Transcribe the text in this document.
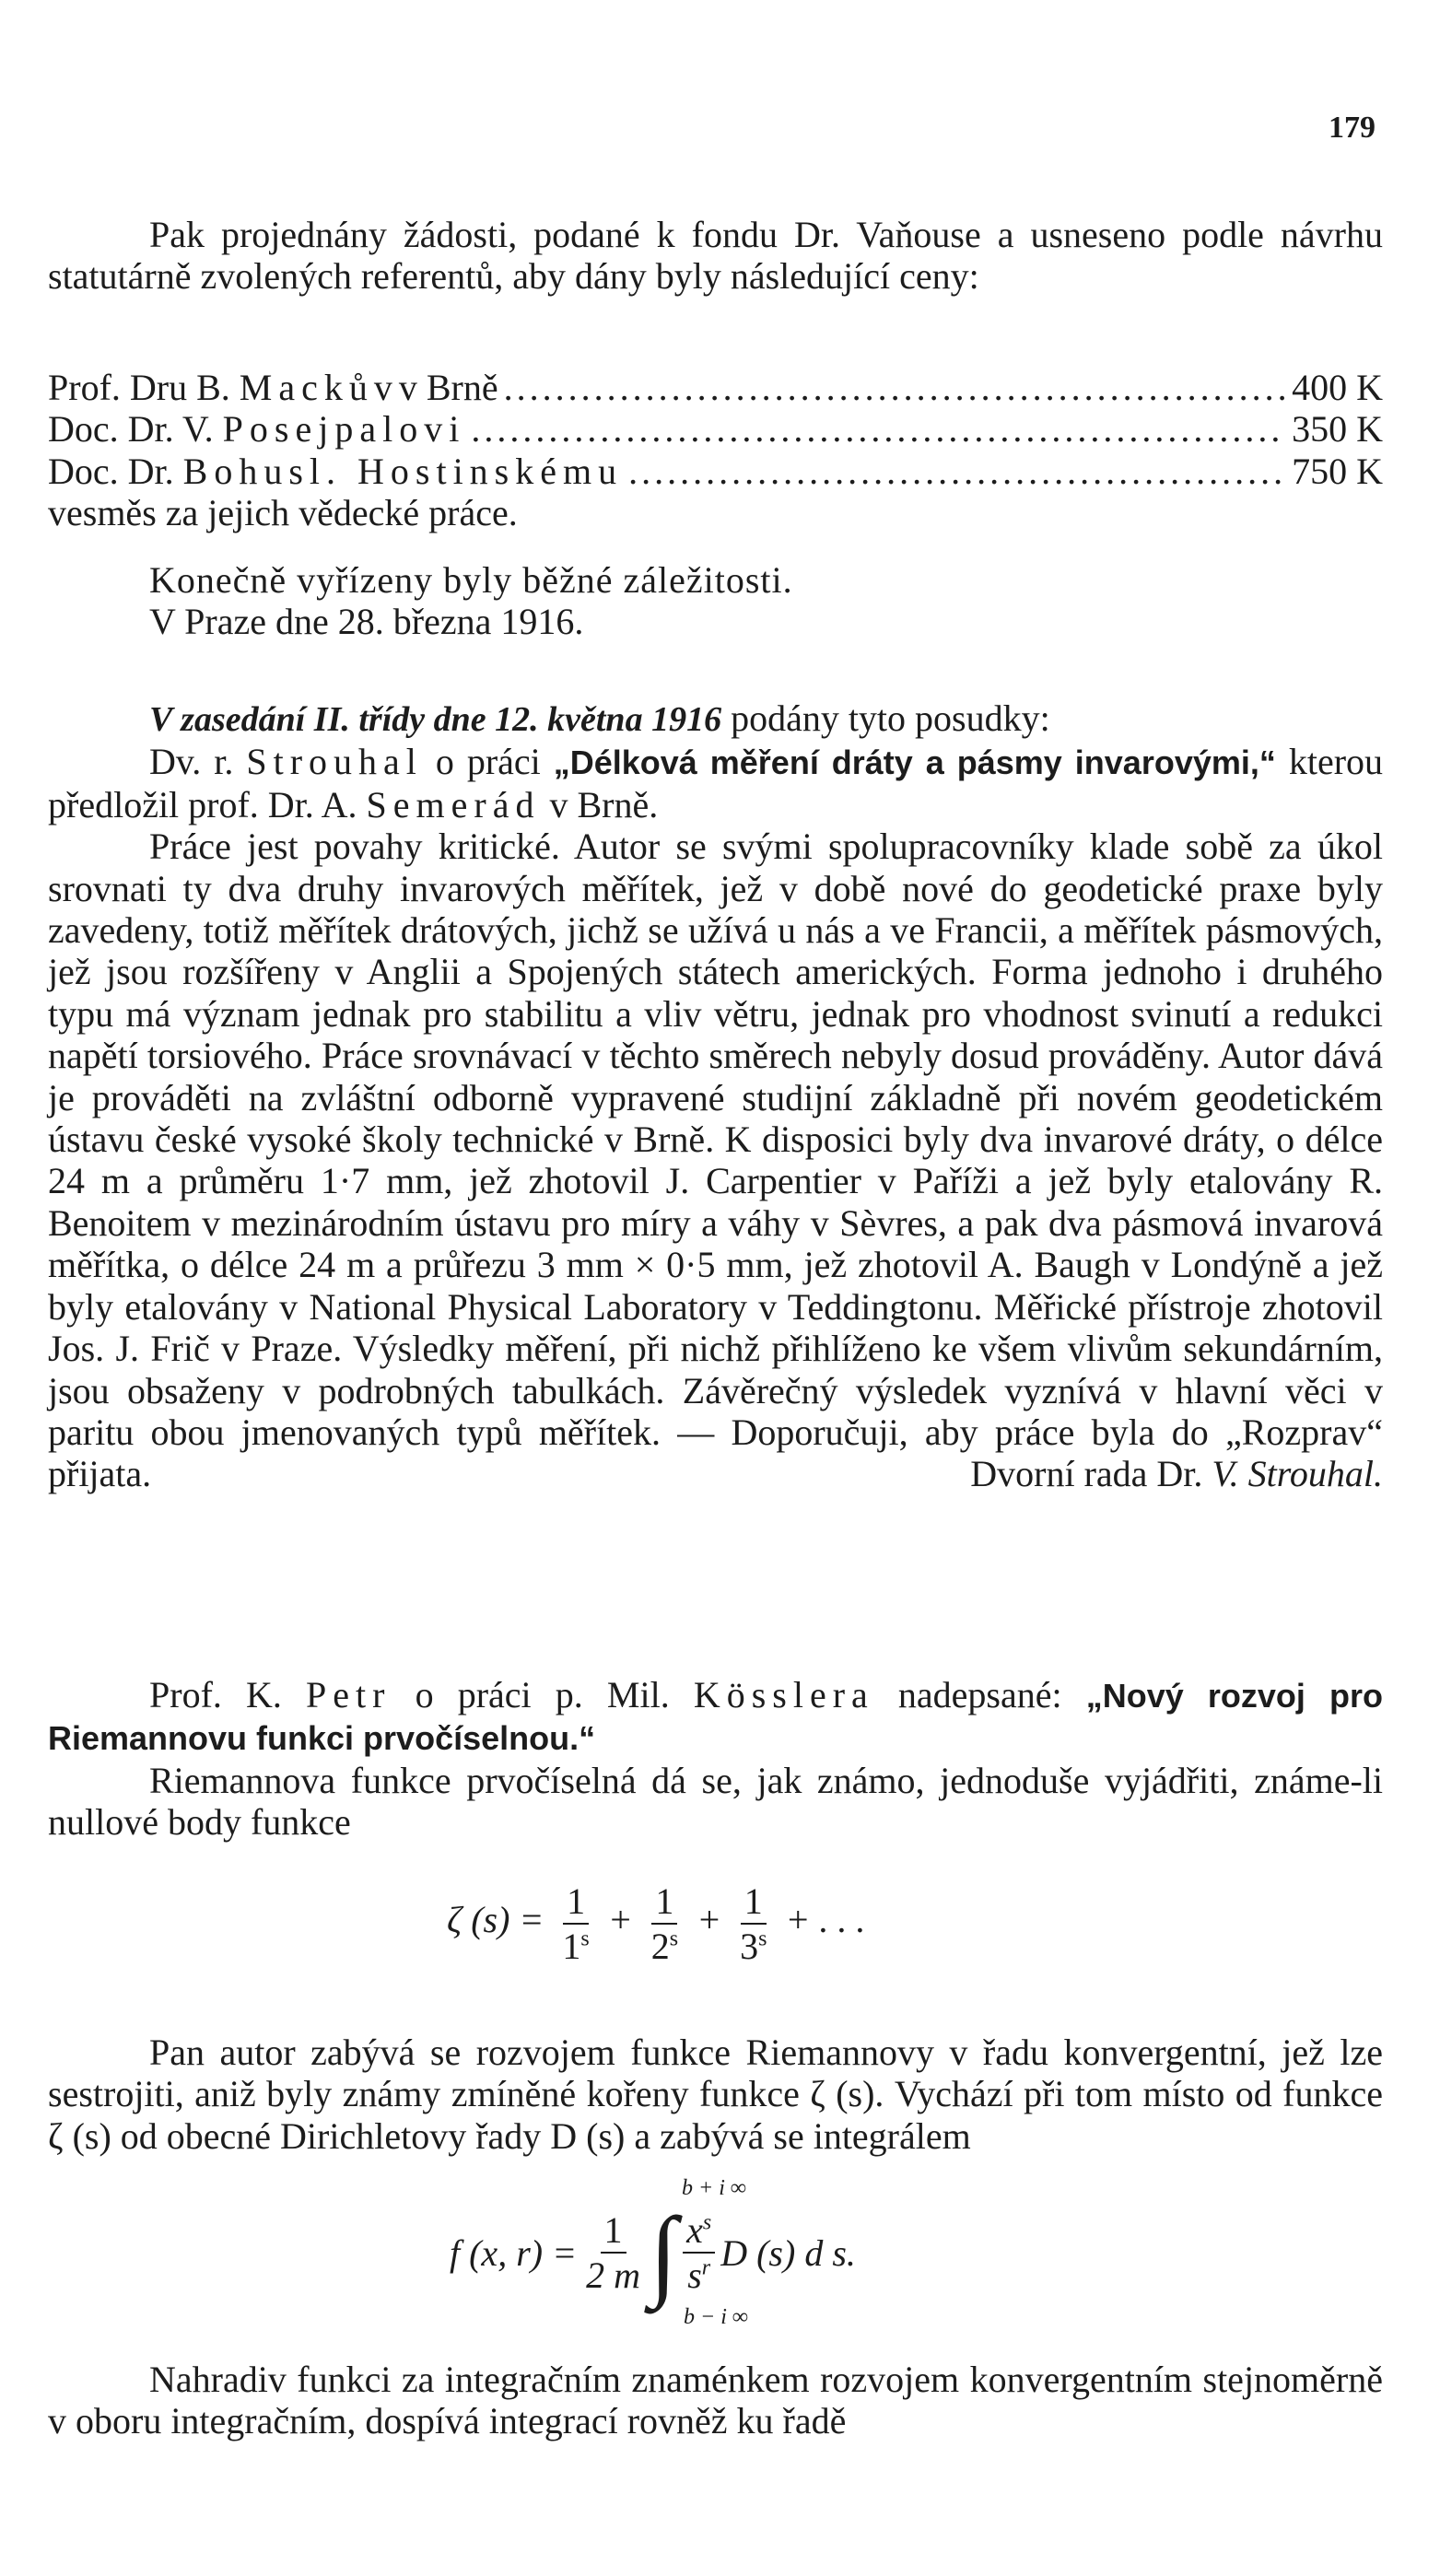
179

Pak projednány žádosti, podané k fondu Dr. Vaňouse a usneseno podle návrhu statutárně zvolených referentů, aby dány byly následující ceny:

Prof. Dru B.
Mackův v Brně .....	400 K
Doc. Dr. V.
Posejpalovi .....	350 K
Doc. Dr.
Bohusl. Hostinskému .....	750 K

vesměs za jejich vědecké práce.

Konečně vyřízeny byly běžné záležitosti.

V Praze dne 28. března 1916.

V zasedání II. třídy dne 12. května 1916 podány tyto posudky:

Dv. r. Strouhal o práci „Délková měření dráty a pásmy invarovými,“ kterou předložil prof. Dr. A. Semerád v Brně.

Práce jest povahy kritické. Autor se svými spolupracovníky klade sobě za úkol srovnati ty dva druhy invarových měřítek, jež v době nové do geodetické praxe byly zavedeny, totiž měřítek drátových, jichž se užívá u nás a ve Francii, a měřítek pásmových, jež jsou rozšířeny v Anglii a Spojených státech amerických. Forma jednoho i druhého typu má význam jednak pro stabilitu a vliv větru, jednak pro vhodnost svinutí a redukci napětí torsiového. Práce srovnávací v těchto směrech nebyly dosud prováděny. Autor dává je prováděti na zvláštní odborně vypravené studijní základně při novém geodetickém ústavu české vysoké školy technické v Brně. K disposici byly dva invarové dráty, o délce 24 m a průměru 1·7 mm, jež zhotovil J. Carpentier v Paříži a jež byly etalovány R. Benoitem v mezinárodním ústavu pro míry a váhy v Sèvres, a pak dva pásmová invarová měřítka, o délce 24 m a průřezu 3 mm × 0·5 mm, jež zhotovil A. Baugh v Londýně a jež byly etalovány v National Physical Laboratory v Teddingtonu. Měřické přístroje zhotovil Jos. J. Frič v Praze. Výsledky měření, při nichž přihlíženo ke všem vlivům sekundárním, jsou obsaženy v podrobných tabulkách. Závěrečný výsledek vyznívá v hlavní věci v paritu obou jmenovaných typů měřítek. — Doporučuji, aby práce byla do „Rozprav“ přijata.	Dvorní rada Dr. V. Strouhal.

Prof. K. Petr o práci p. Mil. Kösslera nadepsané: „Nový rozvoj pro Riemannovu funkci prvočíselnou.“

Riemannova funkce prvočíselná dá se, jak známo, jednoduše vyjádřiti, známe-li nullové body funkce

ζ $(s) = \frac{1}{1^s} + \frac{1}{2^s} + \frac{1}{3^s}$ + . . .

Pan autor zabývá se rozvojem funkce Riemannovy v řadu konvergentní, jež lze sestrojiti, aniž byly známy zmíněné kořeny funkce ζ (s). Vychází při tom místo od funkce ζ (s) od obecné Dirichletovy řady D (s) a zabývá se integrálem

b + i ∞
b − i ∞
f (x, $r) = \frac{1}{2 m}$ ∫ $\frac{x^s}{s^r}$ D (s) d s.

Nahradiv funkci za integračním znaménkem rozvojem konvergentním stejnoměrně v oboru integračním, dospívá integrací rovněž ku řadě
